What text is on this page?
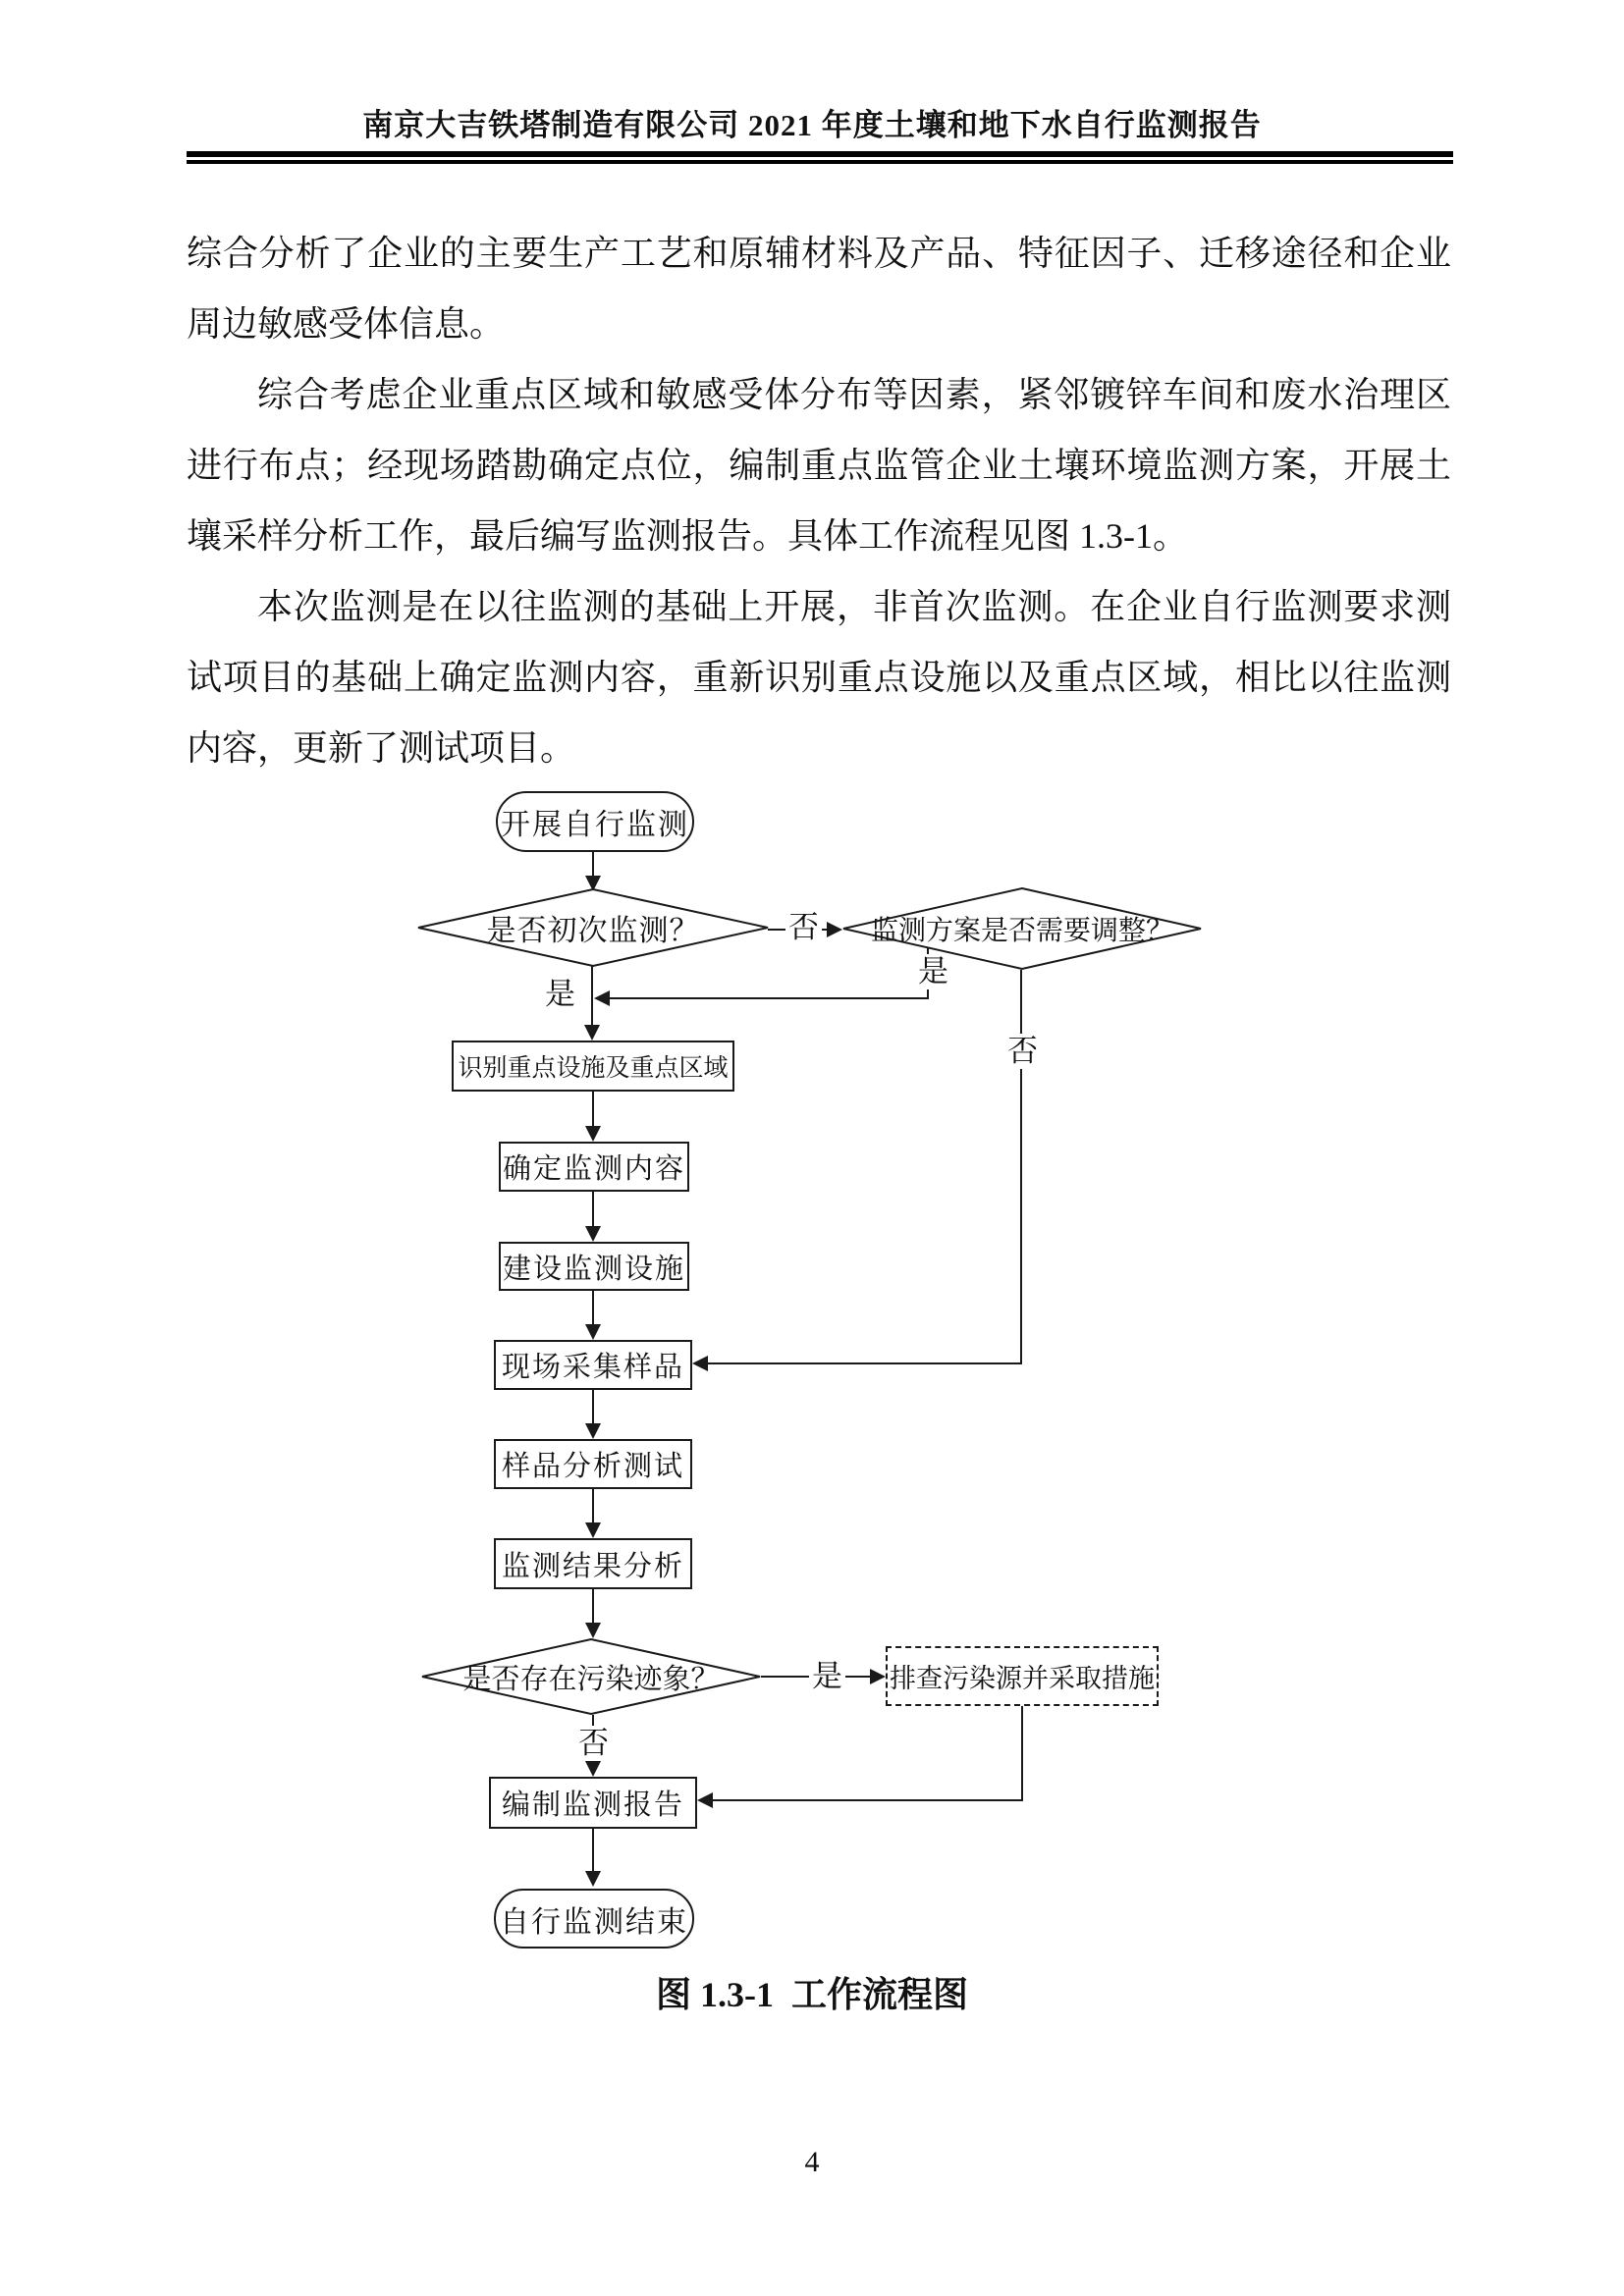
南京大吉铁塔制造有限公司 2021 年度土壤和地下水自行监测报告

综合分析了企业的主要生产工艺和原辅材料及产品、特征因子、迁移途径和企业周边敏感受体信息。

综合考虑企业重点区域和敏感受体分布等因素，紧邻镀锌车间和废水治理区进行布点；经现场踏勘确定点位，编制重点监管企业土壤环境监测方案，开展土壤采样分析工作，最后编写监测报告。具体工作流程见图 1.3-1。

本次监测是在以往监测的基础上开展，非首次监测。在企业自行监测要求测试项目的基础上确定监测内容，重新识别重点设施以及重点区域，相比以往监测内容，更新了测试项目。

开展自行监测
是否初次监测？	监测方案是否需要调整？
识别重点设施及重点区域
确定监测内容
建设监测设施
现场采集样品
样品分析测试
监测结果分析
是否存在污染迹象？	排查污染源并采取措施
编制监测报告
自行监测结束
否
是
是
否
是
否
图 1.3-1  工作流程图
4
